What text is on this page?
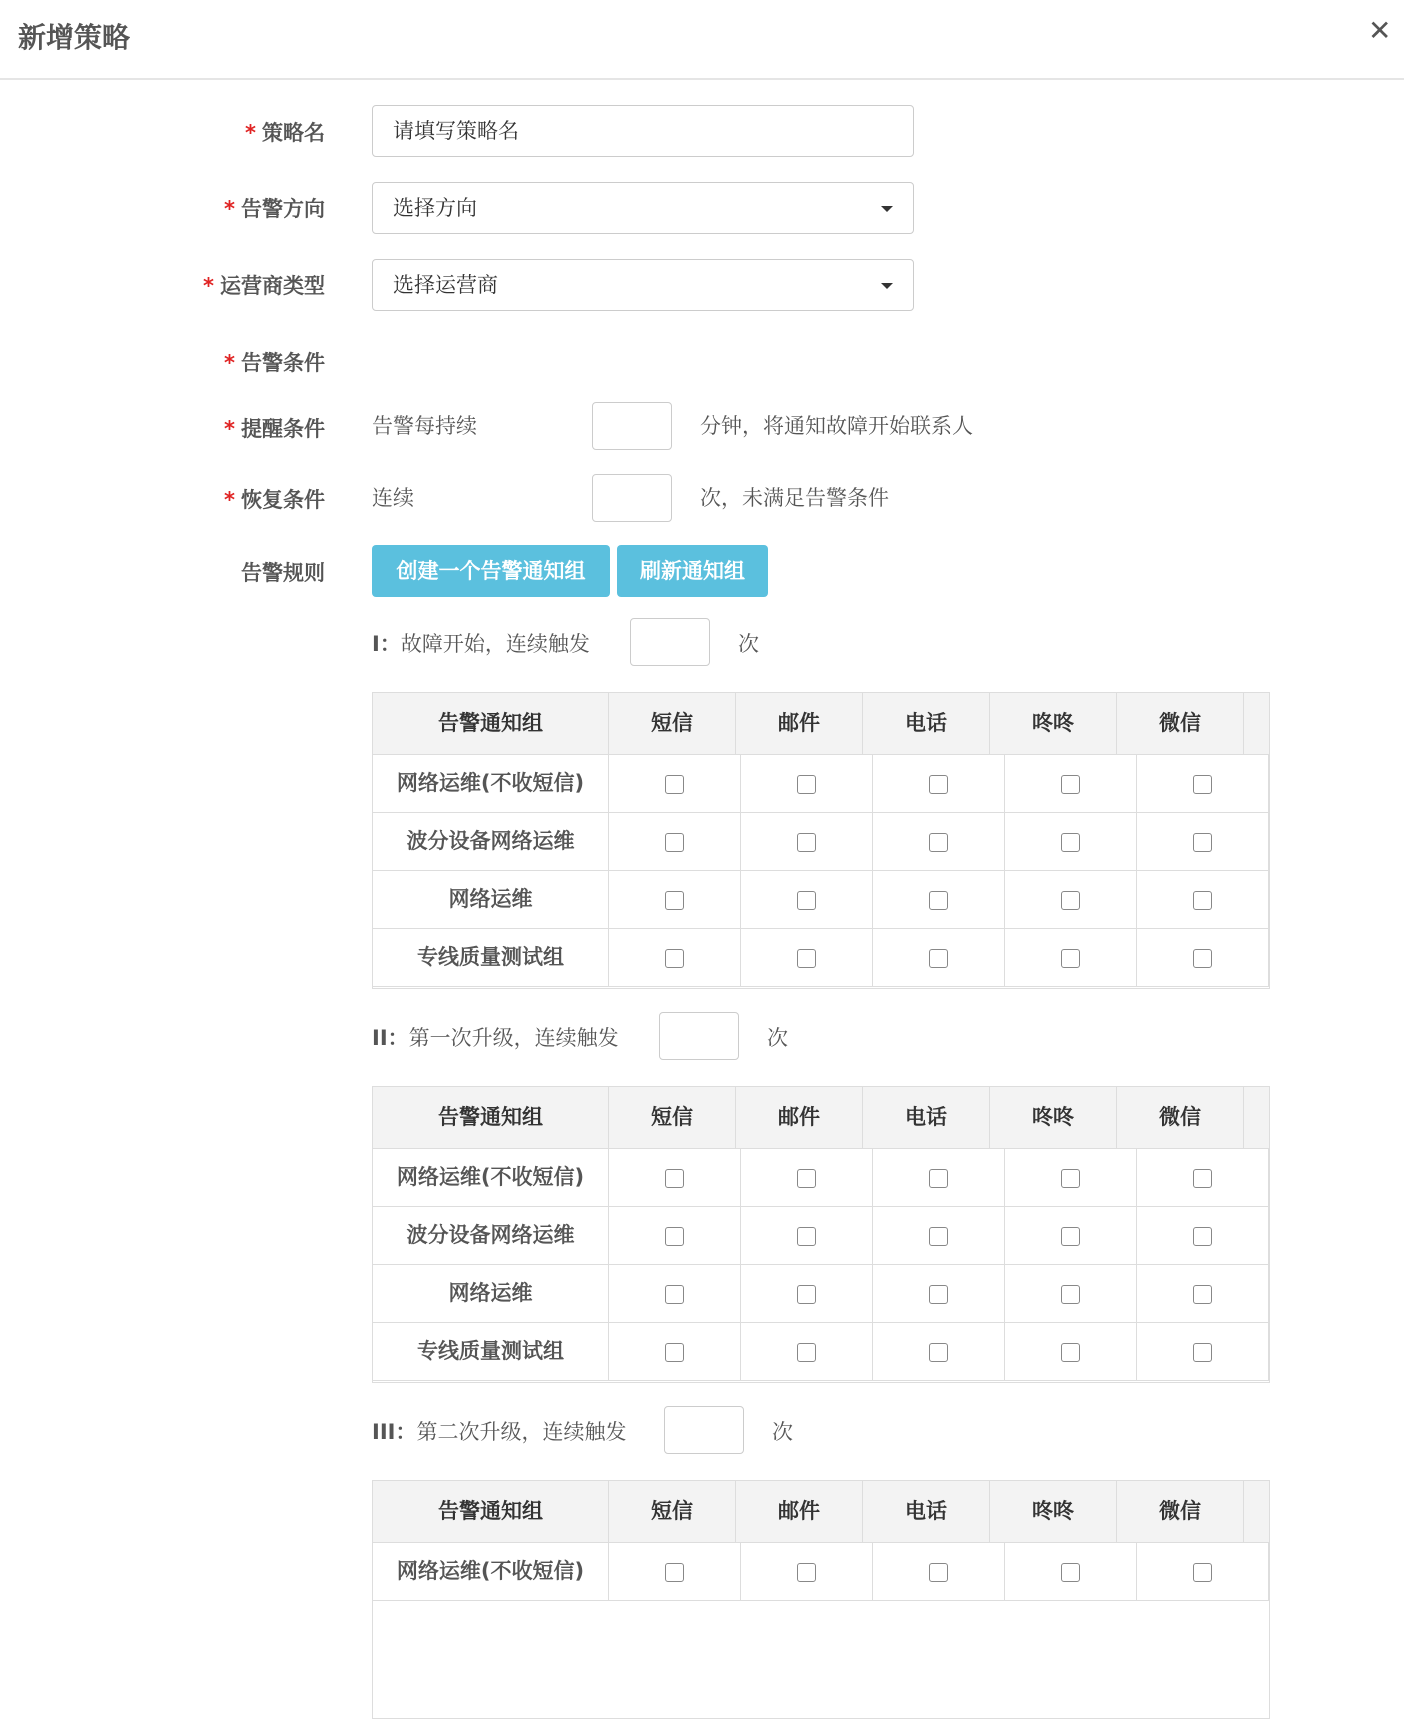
新增策略	✕
* 策略名	请填写策略名
* 告警方向	选择方向
* 运营商类型	选择运营商
* 告警条件
* 提醒条件 告警每持续	分钟，将通知故障开始联系人
* 恢复条件 连续	次，未满足告警条件
告警规则	创建一个告警通知组	刷新通知组
I：故障开始，连续触发	次
告警通知组	短信	邮件	电话	咚咚	微信
网络运维(不收短信)
波分设备网络运维
网络运维
专线质量测试组
II：第一次升级，连续触发	次
告警通知组	短信	邮件	电话	咚咚	微信
网络运维(不收短信)
波分设备网络运维
网络运维
专线质量测试组
III：第二次升级，连续触发	次
告警通知组	短信	邮件	电话	咚咚	微信
网络运维(不收短信)
